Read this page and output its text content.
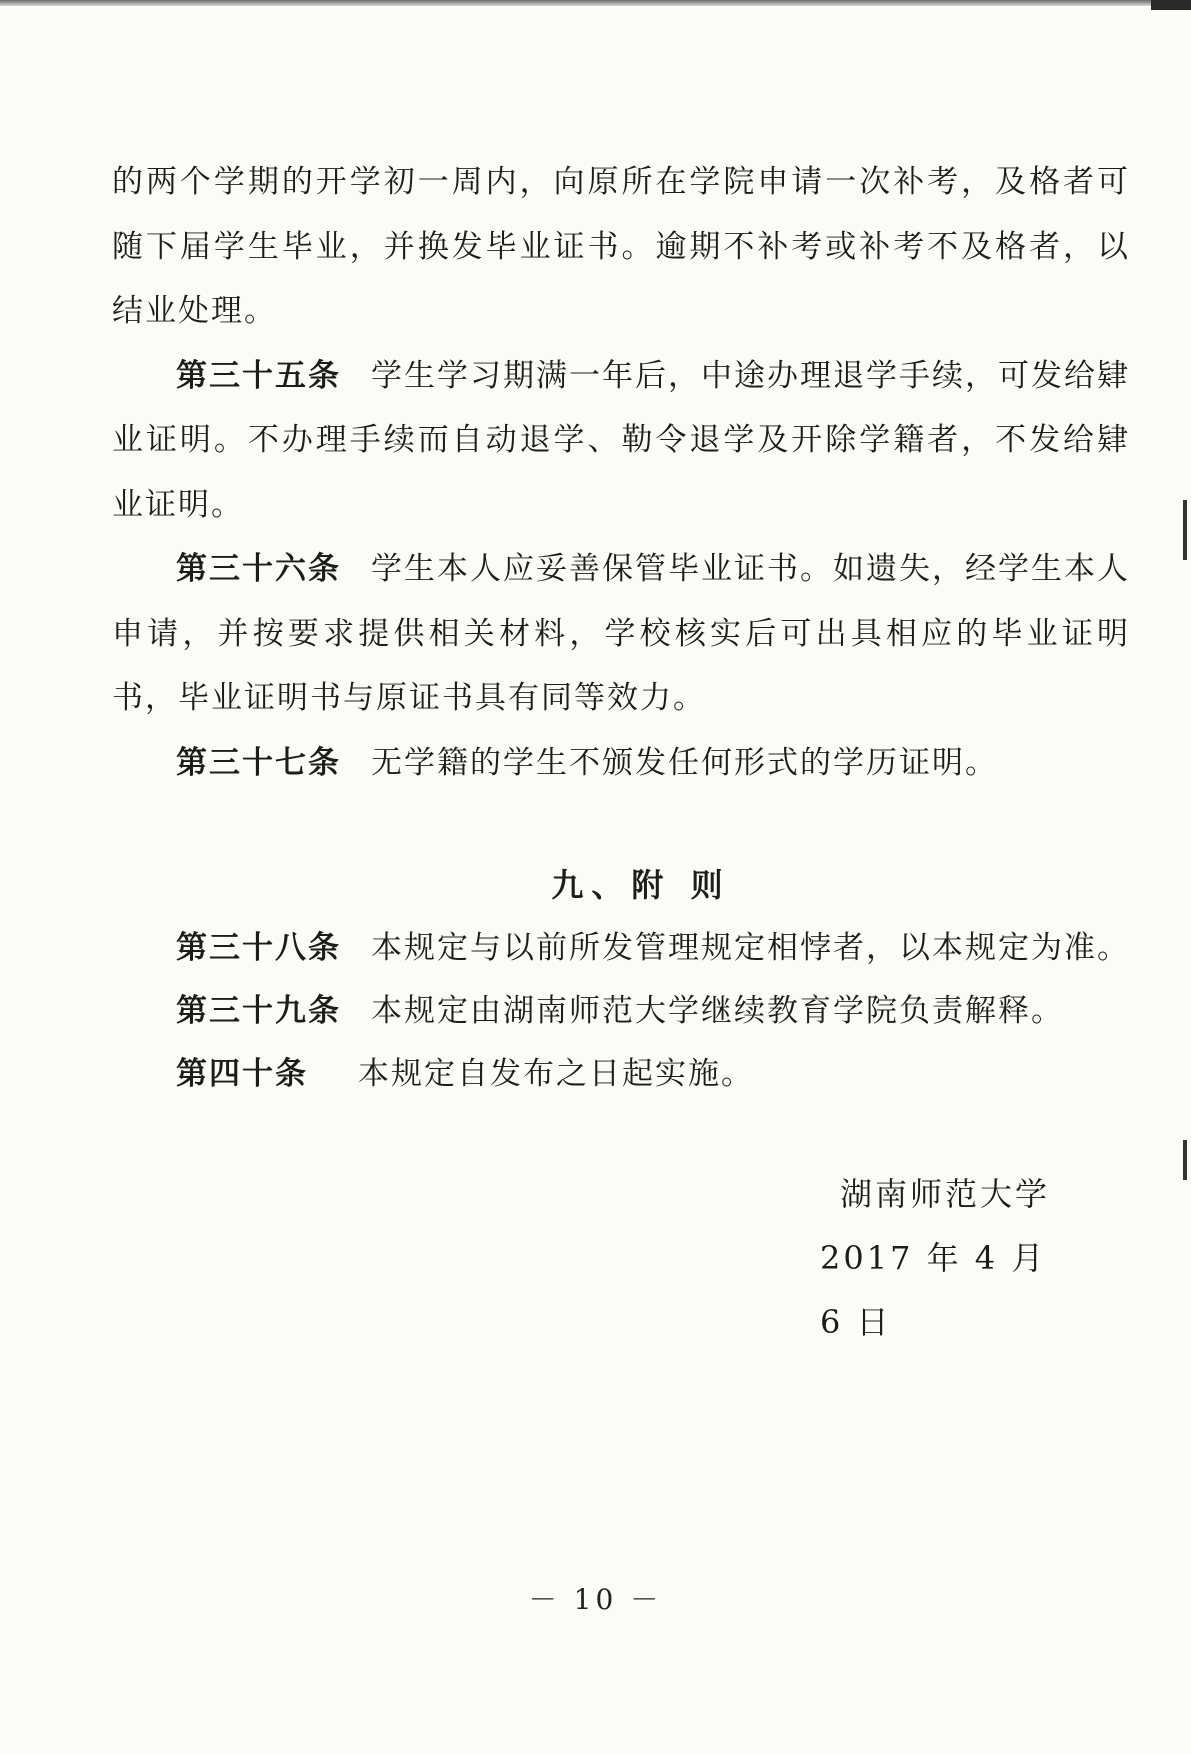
的两个学期的开学初一周内，向原所在学院申请一次补考，及格者可随下届学生毕业，并换发毕业证书。逾期不补考或补考不及格者，以结业处理。

第三十五条 学生学习期满一年后，中途办理退学手续，可发给肄业证明。不办理手续而自动退学、勒令退学及开除学籍者，不发给肄业证明。

第三十六条 学生本人应妥善保管毕业证书。如遗失，经学生本人申请，并按要求提供相关材料，学校核实后可出具相应的毕业证明书，毕业证明书与原证书具有同等效力。

第三十七条 无学籍的学生不颁发任何形式的学历证明。

九、附 则

第三十八条 本规定与以前所发管理规定相悖者，以本规定为准。

第三十九条 本规定由湖南师范大学继续教育学院负责解释。

第四十条 本规定自发布之日起实施。

湖南师范大学
2017 年 4 月 6 日
－ 10 －
